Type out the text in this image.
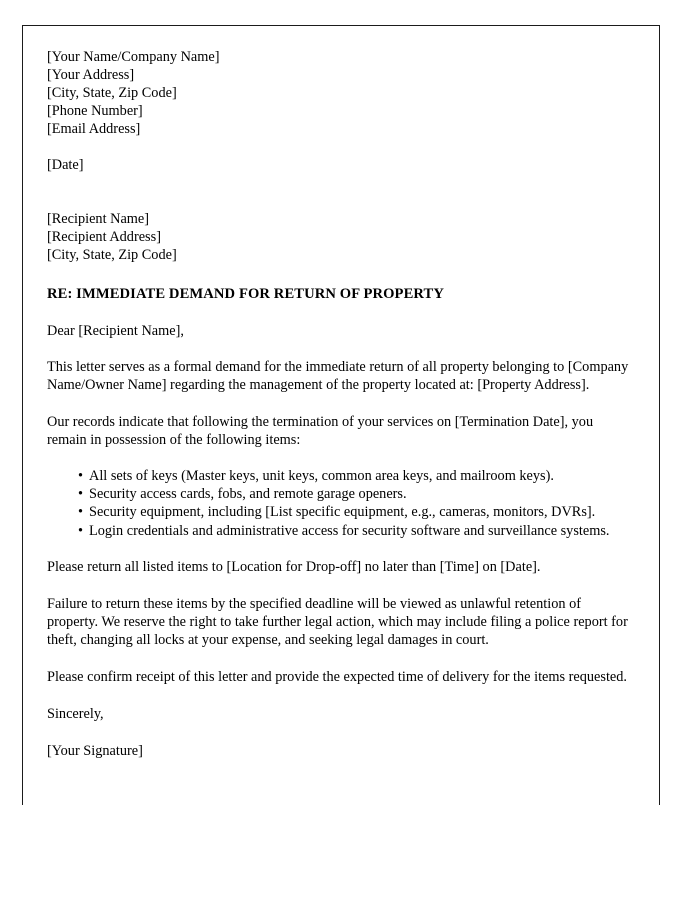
[Your Name/Company Name]
[Your Address]
[City, State, Zip Code]
[Phone Number]
[Email Address]
[Date]
[Recipient Name]
[Recipient Address]
[City, State, Zip Code]
RE: IMMEDIATE DEMAND FOR RETURN OF PROPERTY
Dear [Recipient Name],
This letter serves as a formal demand for the immediate return of all property belonging to [Company Name/Owner Name] regarding the management of the property located at: [Property Address].
Our records indicate that following the termination of your services on [Termination Date], you remain in possession of the following items:
• All sets of keys (Master keys, unit keys, common area keys, and mailroom keys).
• Security access cards, fobs, and remote garage openers.
• Security equipment, including [List specific equipment, e.g., cameras, monitors, DVRs].
• Login credentials and administrative access for security software and surveillance systems.
Please return all listed items to [Location for Drop-off] no later than [Time] on [Date].
Failure to return these items by the specified deadline will be viewed as unlawful retention of property. We reserve the right to take further legal action, which may include filing a police report for theft, changing all locks at your expense, and seeking legal damages in court.
Please confirm receipt of this letter and provide the expected time of delivery for the items requested.
Sincerely,
[Your Signature]
